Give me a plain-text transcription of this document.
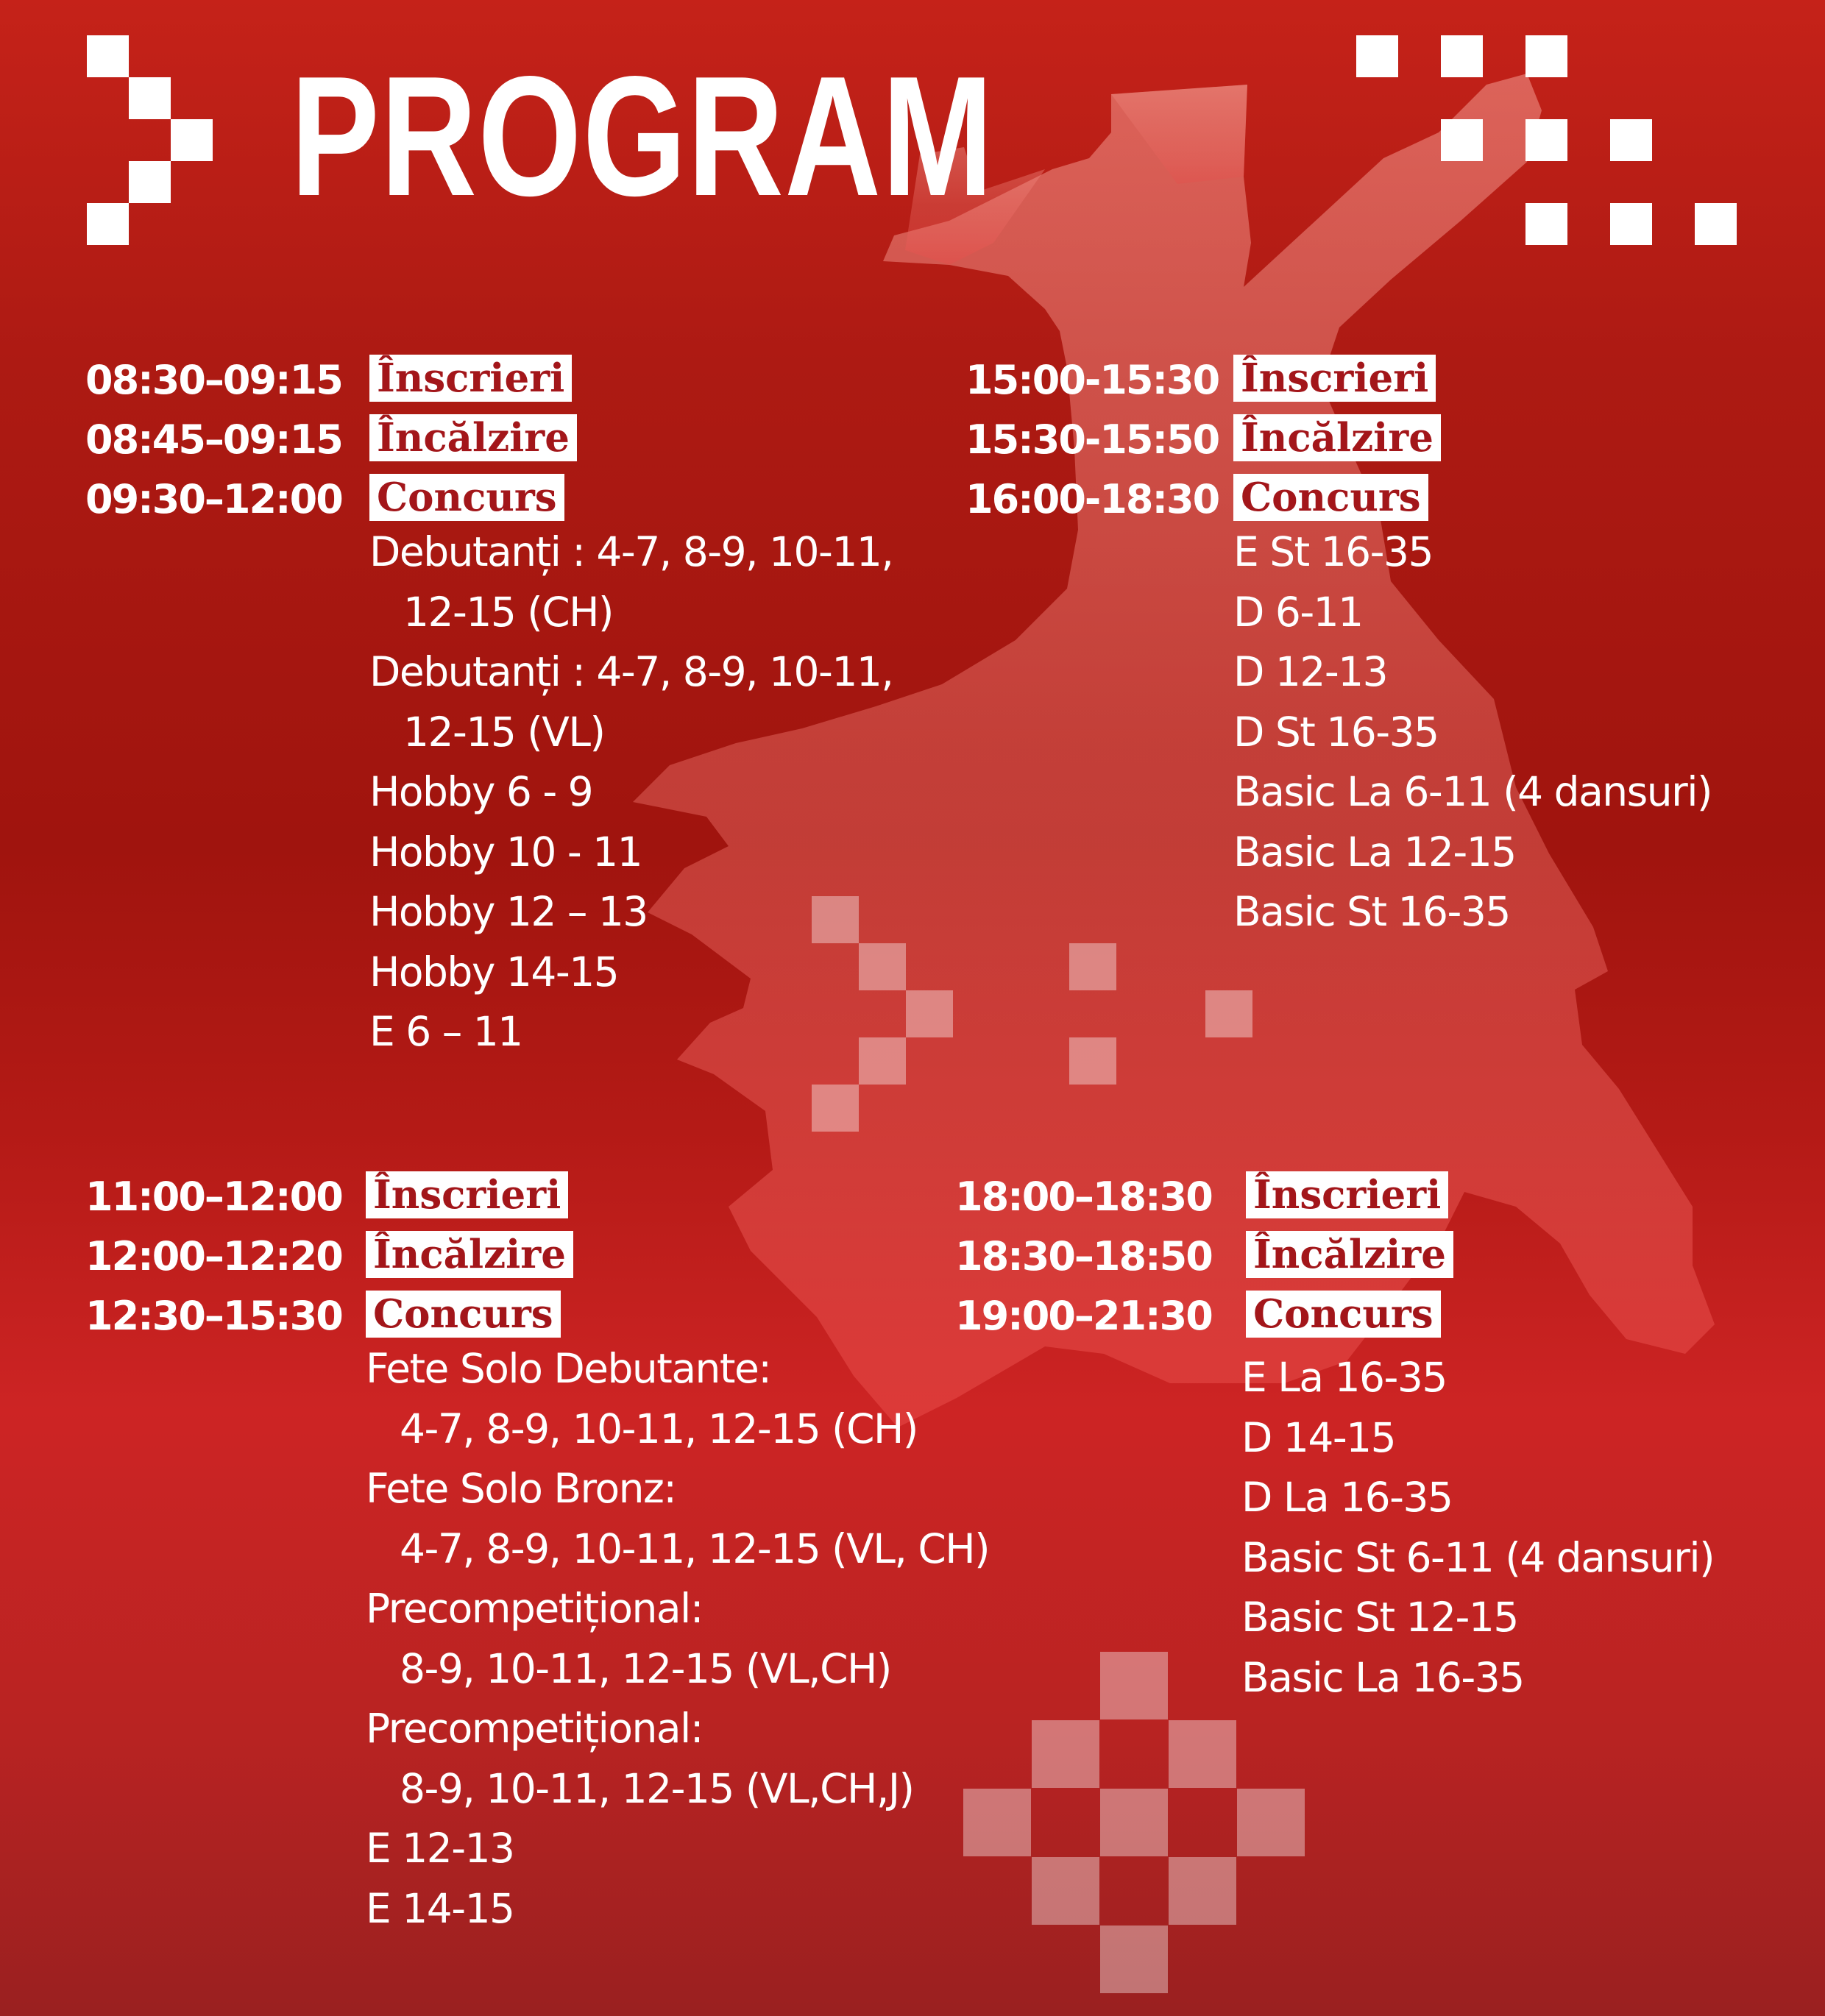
PROGRAM
08:30–09:15 Înscrieri
08:45–09:15 Încălzire
09:30–12:00 Concurs
Debutanți : 4-7, 8-9, 10-11,
12-15 (CH)
Debutanți : 4-7, 8-9, 10-11,
12-15 (VL)
Hobby 6 - 9
Hobby 10 - 11
Hobby 12 – 13
Hobby 14-15
E 6 – 11
15:00-15:30 Înscrieri
15:30-15:50 Încălzire
16:00-18:30 Concurs
E St 16-35
D 6-11
D 12-13
D St 16-35
Basic La 6-11 (4 dansuri)
Basic La 12-15
Basic St 16-35
11:00–12:00 Înscrieri
12:00–12:20 Încălzire
12:30–15:30 Concurs
Fete Solo Debutante:
4-7, 8-9, 10-11, 12-15 (CH)
Fete Solo Bronz:
4-7, 8-9, 10-11, 12-15 (VL, CH)
Precompetițional:
8-9, 10-11, 12-15 (VL,CH)
Precompetițional:
8-9, 10-11, 12-15 (VL,CH,J)
E 12-13
E 14-15
18:00–18:30 Înscrieri
18:30–18:50 Încălzire
19:00–21:30 Concurs
E La 16-35
D 14-15
D La 16-35
Basic St 6-11 (4 dansuri)
Basic St 12-15
Basic La 16-35
